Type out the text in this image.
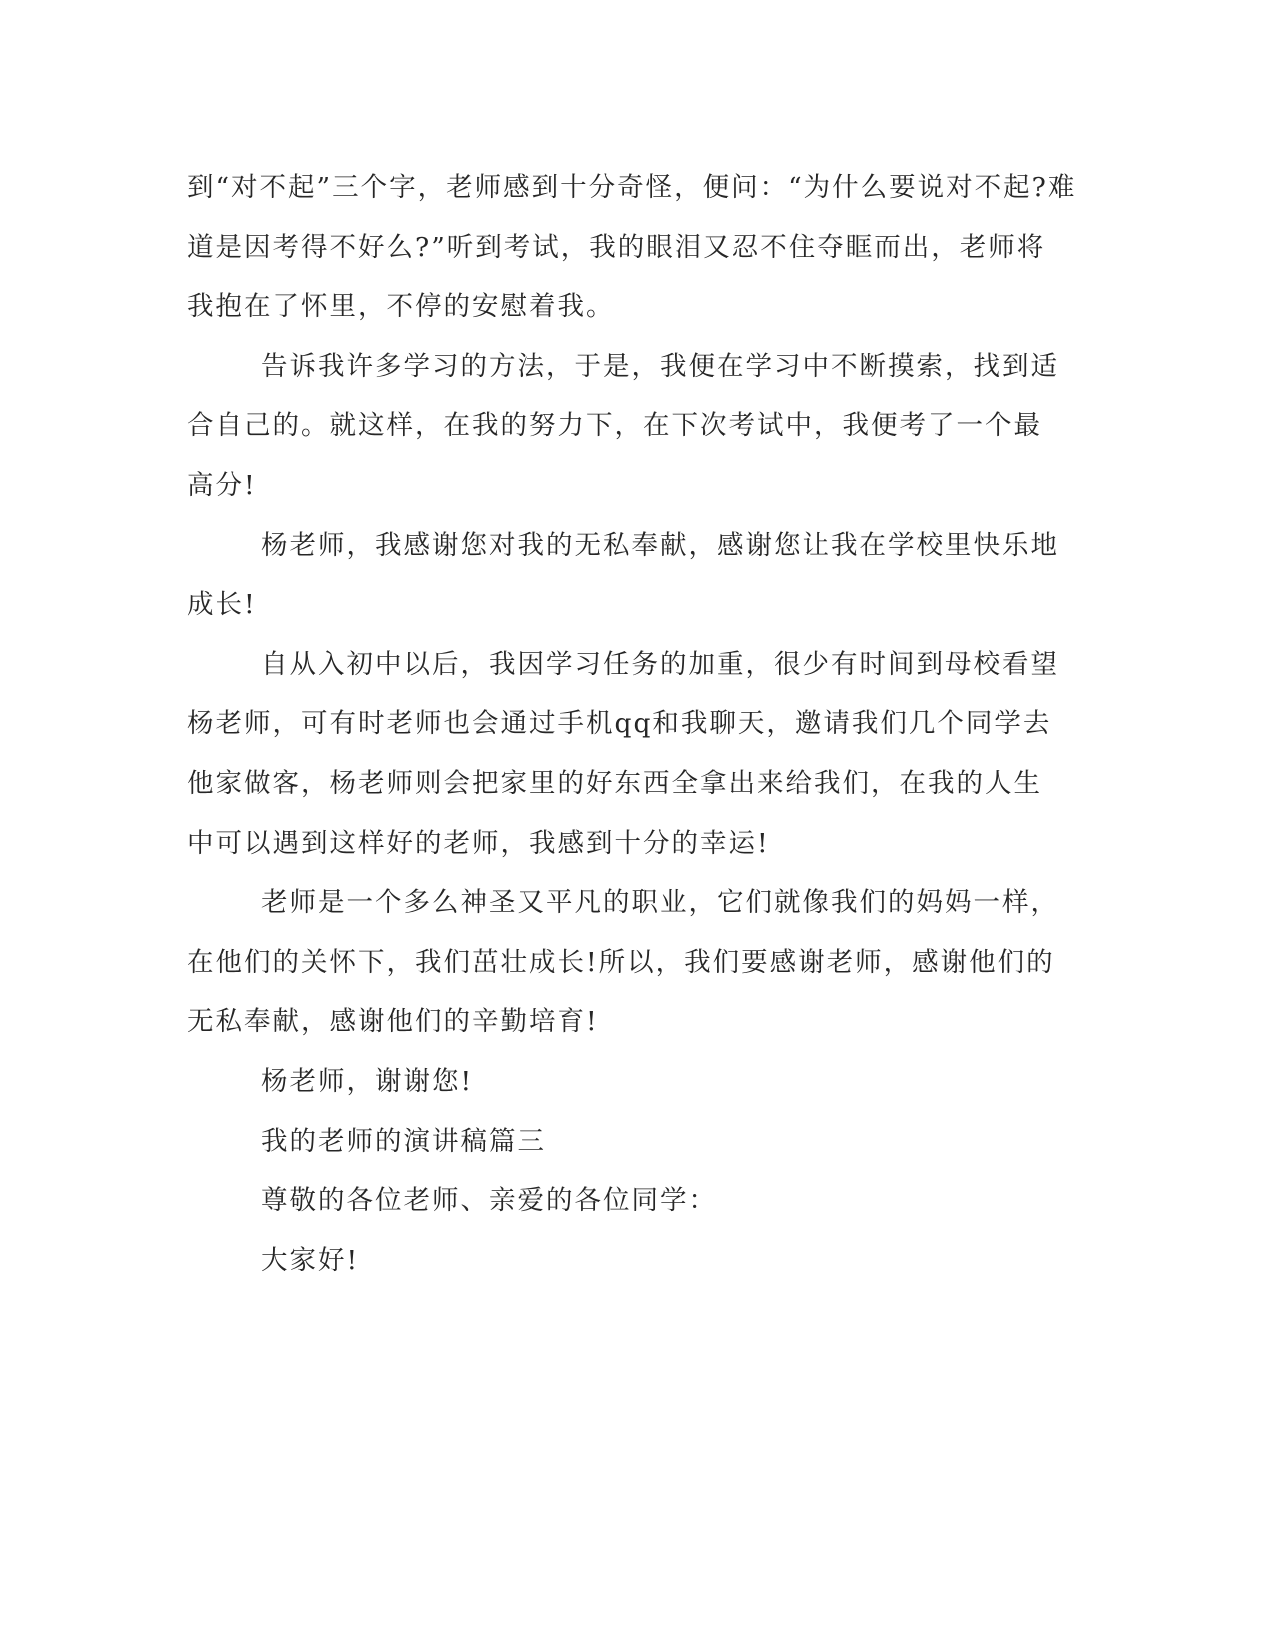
到“对不起”三个字，老师感到十分奇怪，便问：“为什么要说对不起?难
道是因考得不好么?”听到考试，我的眼泪又忍不住夺眶而出，老师将
我抱在了怀里，不停的安慰着我。

告诉我许多学习的方法，于是，我便在学习中不断摸索，找到适
合自己的。就这样，在我的努力下，在下次考试中，我便考了一个最
高分!

杨老师，我感谢您对我的无私奉献，感谢您让我在学校里快乐地
成长!

自从入初中以后，我因学习任务的加重，很少有时间到母校看望
杨老师，可有时老师也会通过手机qq和我聊天，邀请我们几个同学去
他家做客，杨老师则会把家里的好东西全拿出来给我们，在我的人生
中可以遇到这样好的老师，我感到十分的幸运!

老师是一个多么神圣又平凡的职业，它们就像我们的妈妈一样，
在他们的关怀下，我们茁壮成长!所以，我们要感谢老师，感谢他们的
无私奉献，感谢他们的辛勤培育!

杨老师，谢谢您!

我的老师的演讲稿篇三

尊敬的各位老师、亲爱的各位同学：

大家好!
